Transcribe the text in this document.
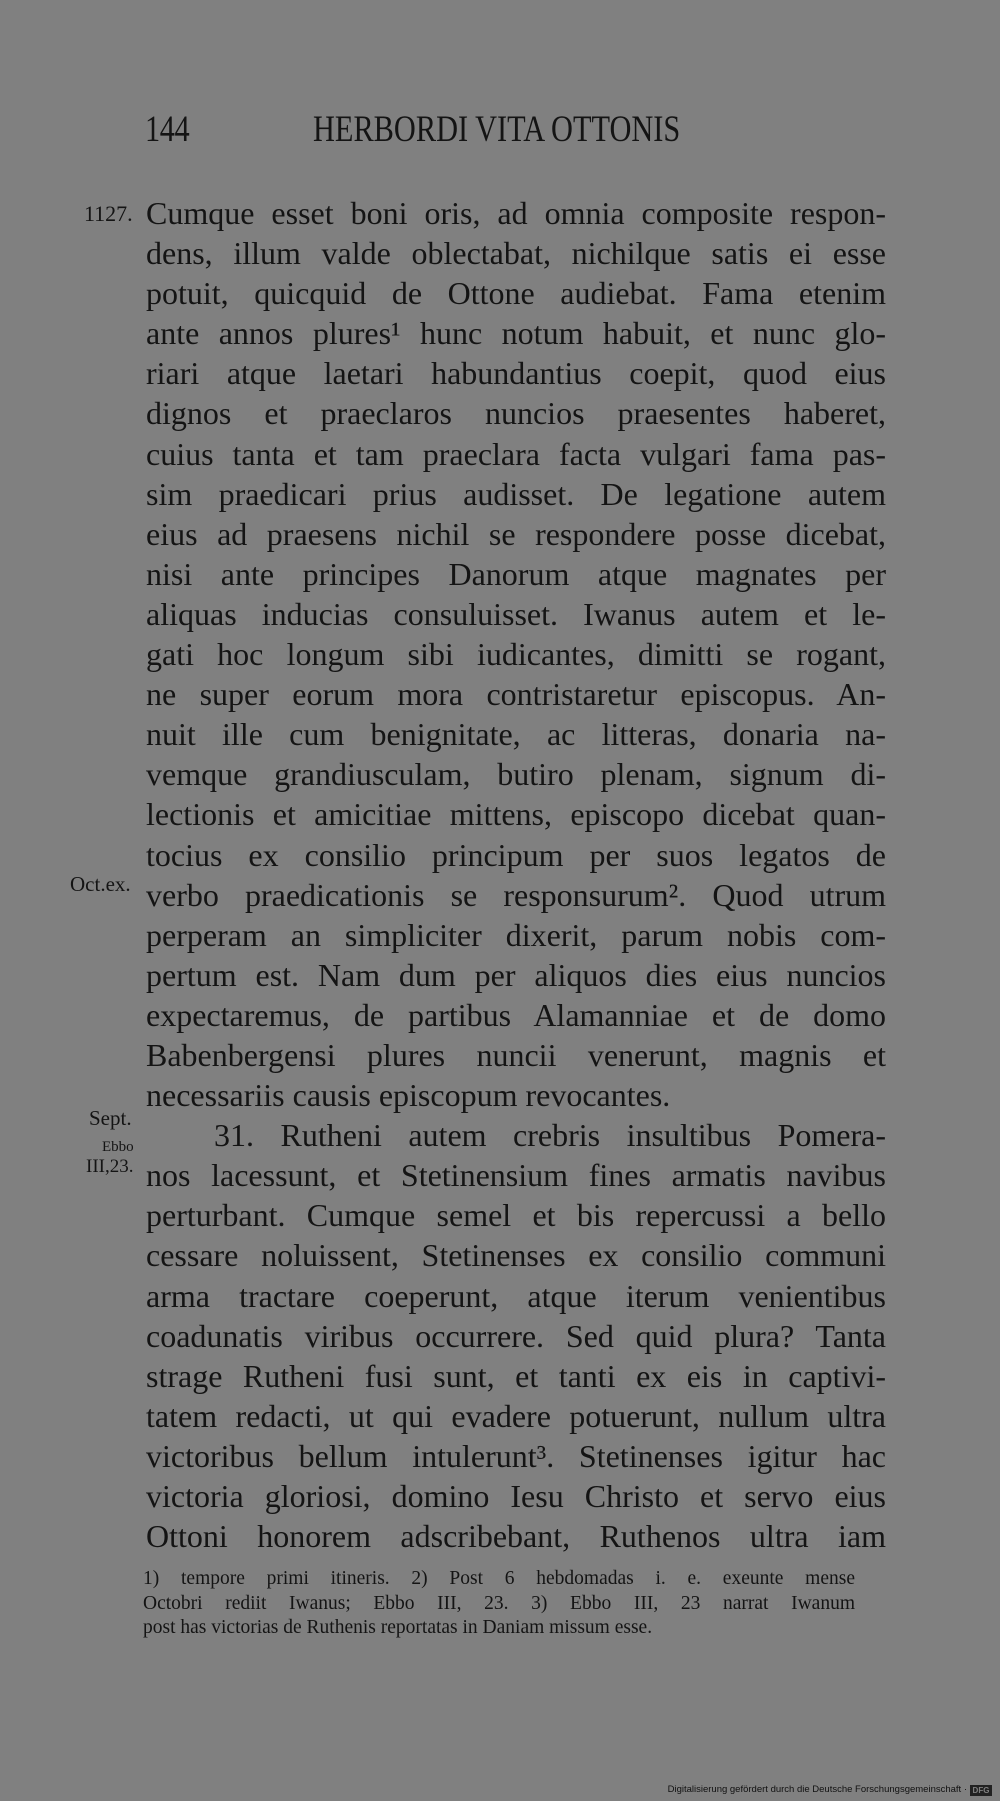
144	HERBORDI VITA OTTONIS
1127.
Oct.ex.
Sept.
Ebbo
III,23.
Cumque esset boni oris, ad omnia composite respon-
dens, illum valde oblectabat, nichilque satis ei esse
potuit, quicquid de Ottone audiebat. Fama etenim
ante annos plures¹ hunc notum habuit, et nunc glo-
riari atque laetari habundantius coepit, quod eius
dignos et praeclaros nuncios praesentes haberet,
cuius tanta et tam praeclara facta vulgari fama pas-
sim praedicari prius audisset. De legatione autem
eius ad praesens nichil se respondere posse dicebat,
nisi ante principes Danorum atque magnates per
aliquas inducias consuluisset. Iwanus autem et le-
gati hoc longum sibi iudicantes, dimitti se rogant,
ne super eorum mora contristaretur episcopus. An-
nuit ille cum benignitate, ac litteras, donaria na-
vemque grandiusculam, butiro plenam, signum di-
lectionis et amicitiae mittens, episcopo dicebat quan-
tocius ex consilio principum per suos legatos de
verbo praedicationis se responsurum². Quod utrum
perperam an simpliciter dixerit, parum nobis com-
pertum est. Nam dum per aliquos dies eius nuncios
expectaremus, de partibus Alamanniae et de domo
Babenbergensi plures nuncii venerunt, magnis et
necessariis causis episcopum revocantes.
31. Rutheni autem crebris insultibus Pomera-
nos lacessunt, et Stetinensium fines armatis navibus
perturbant. Cumque semel et bis repercussi a bello
cessare noluissent, Stetinenses ex consilio communi
arma tractare coeperunt, atque iterum venientibus
coadunatis viribus occurrere. Sed quid plura? Tanta
strage Rutheni fusi sunt, et tanti ex eis in captivi-
tatem redacti, ut qui evadere potuerunt, nullum ultra
victoribus bellum intulerunt³. Stetinenses igitur hac
victoria gloriosi, domino Iesu Christo et servo eius
Ottoni honorem adscribebant, Ruthenos ultra iam
1) tempore primi itineris. 2) Post 6 hebdomadas i. e. exeunte mense
Octobri rediit Iwanus; Ebbo III, 23. 3) Ebbo III, 23 narrat Iwanum
post has victorias de Ruthenis reportatas in Daniam missum esse.
Digitalisierung gefördert durch die Deutsche Forschungsgemeinschaft · DFG
